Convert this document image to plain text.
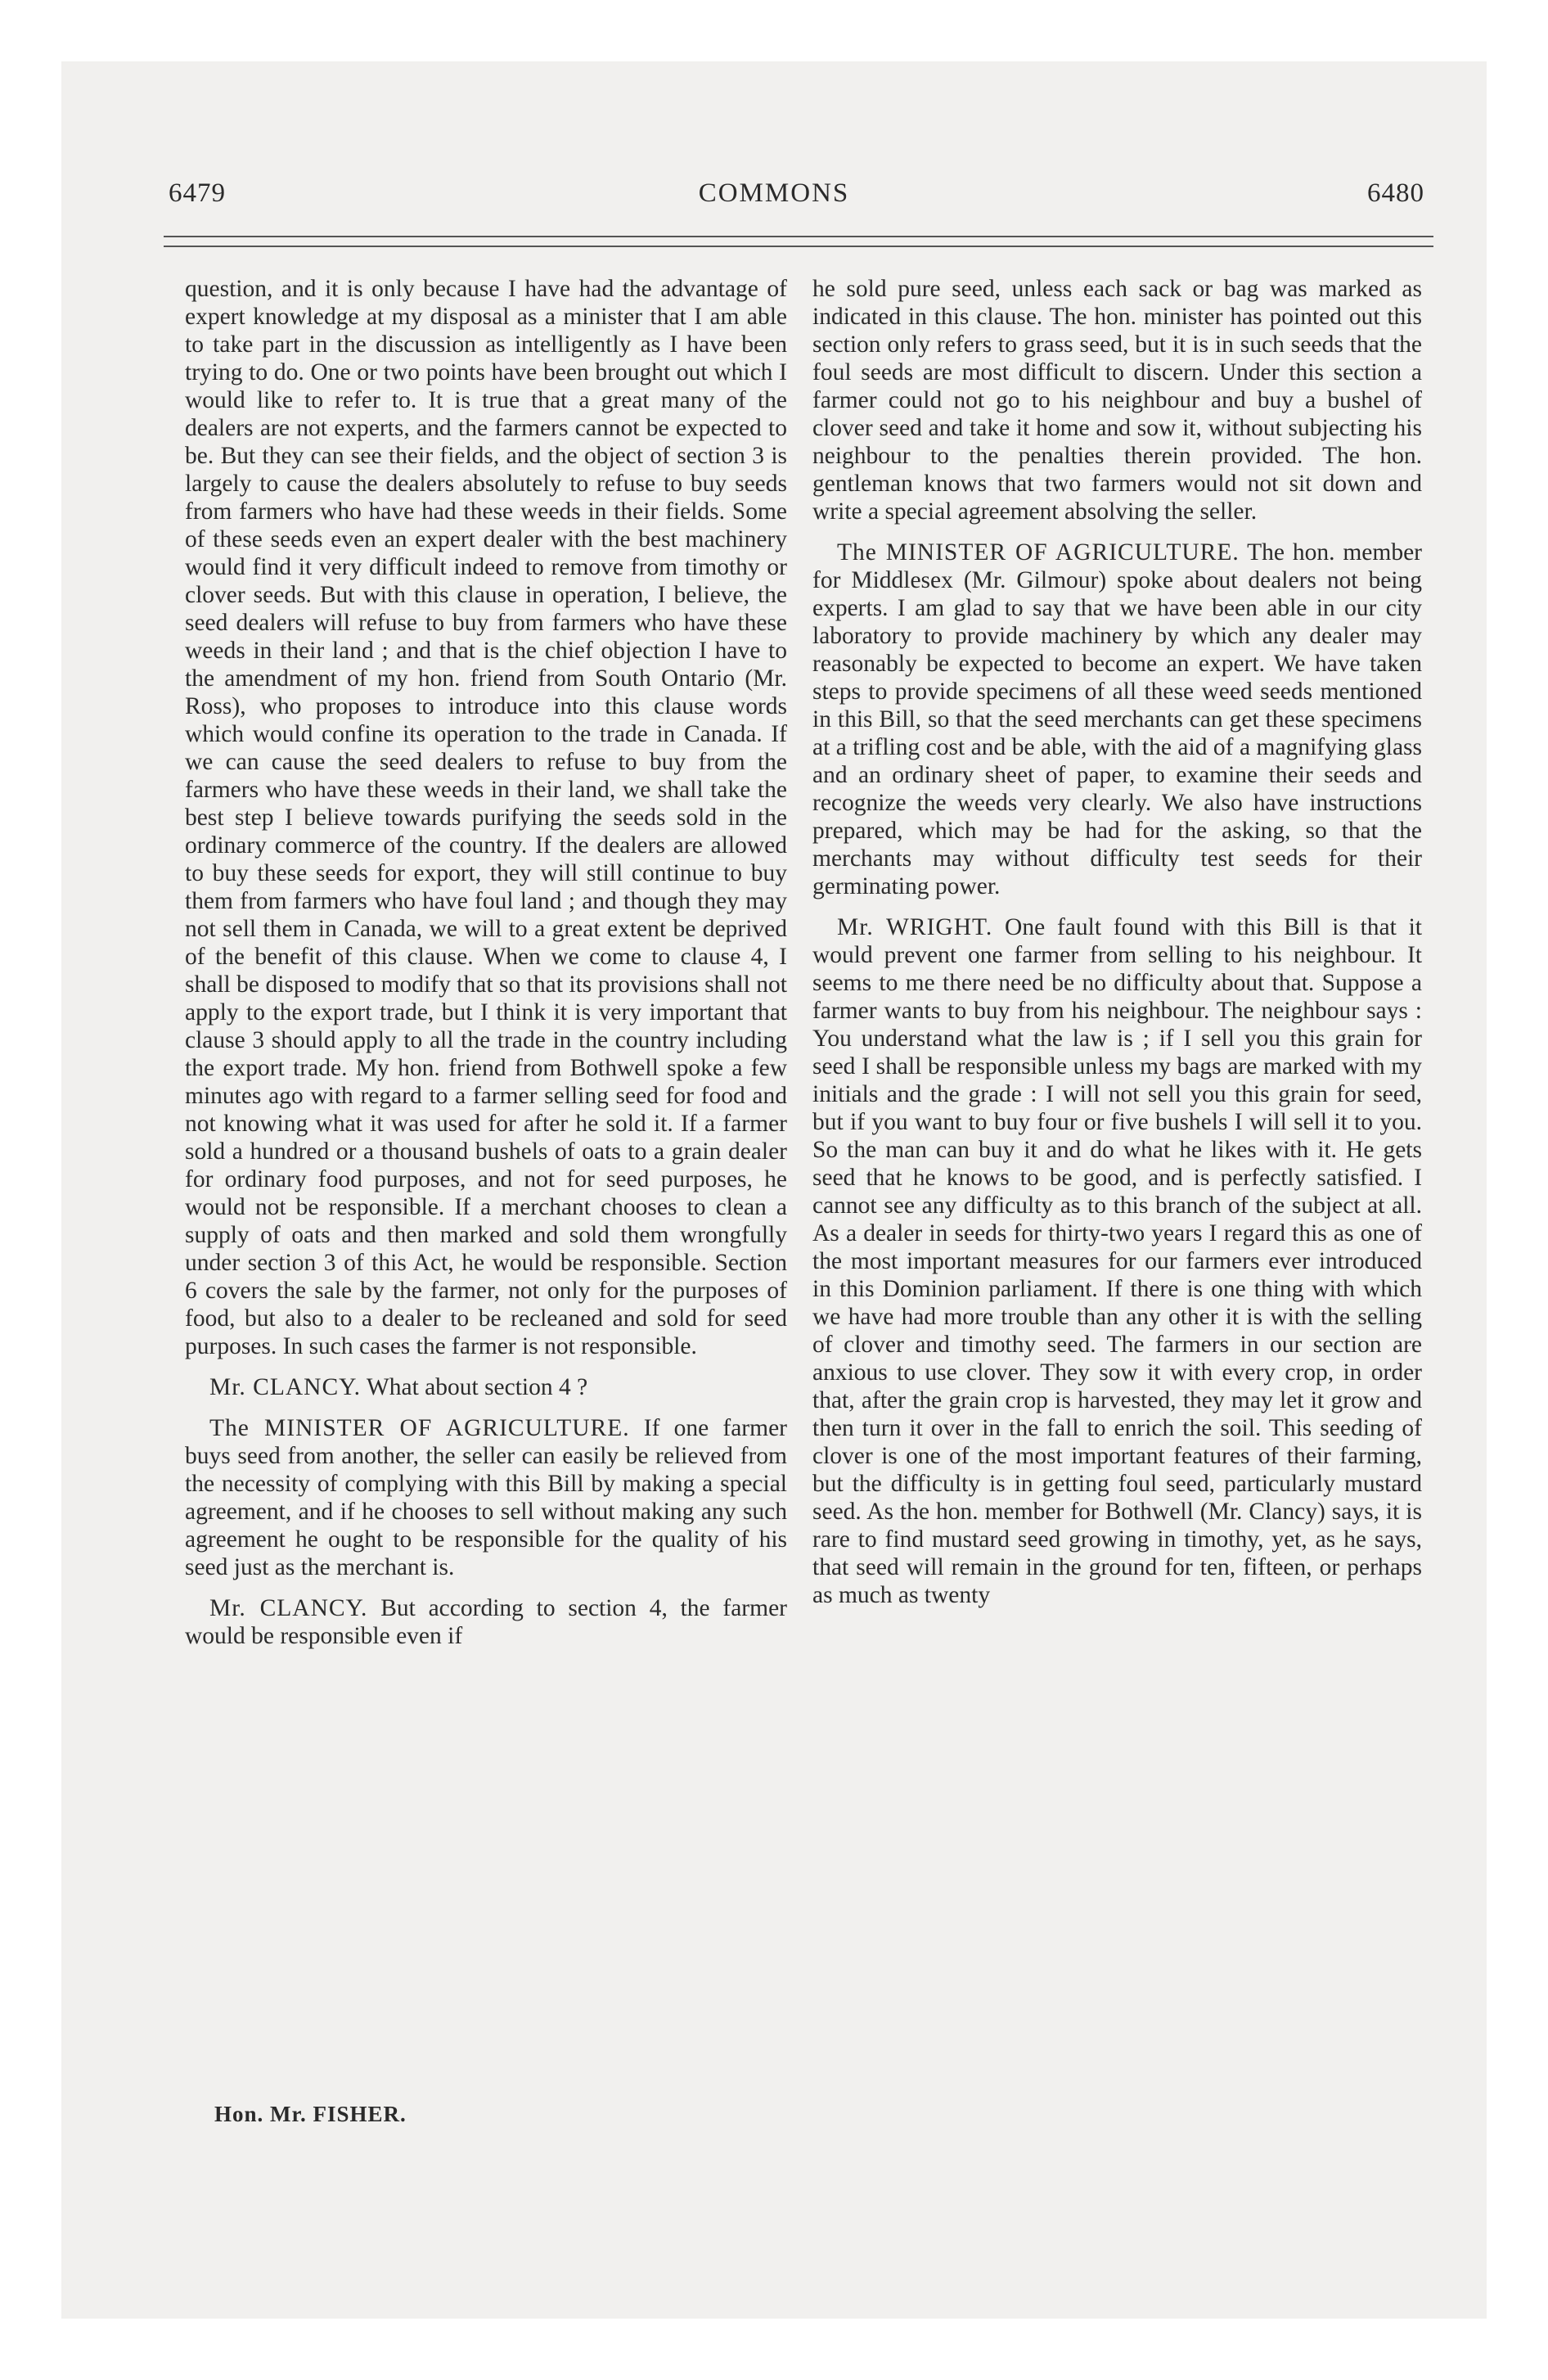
6479	COMMONS	6480

question, and it is only because I have had the advantage of expert knowledge at my disposal as a minister that I am able to take part in the discussion as intelligently as I have been trying to do. One or two points have been brought out which I would like to refer to. It is true that a great many of the dealers are not experts, and the farmers cannot be expected to be. But they can see their fields, and the object of section 3 is largely to cause the dealers absolutely to refuse to buy seeds from farmers who have had these weeds in their fields. Some of these seeds even an expert dealer with the best machinery would find it very difficult indeed to remove from timothy or clover seeds. But with this clause in operation, I believe, the seed dealers will refuse to buy from farmers who have these weeds in their land ; and that is the chief objection I have to the amendment of my hon. friend from South Ontario (Mr. Ross), who proposes to introduce into this clause words which would confine its operation to the trade in Canada. If we can cause the seed dealers to refuse to buy from the farmers who have these weeds in their land, we shall take the best step I believe towards purifying the seeds sold in the ordinary commerce of the country. If the dealers are allowed to buy these seeds for export, they will still continue to buy them from farmers who have foul land ; and though they may not sell them in Canada, we will to a great extent be deprived of the benefit of this clause. When we come to clause 4, I shall be disposed to modify that so that its provisions shall not apply to the export trade, but I think it is very important that clause 3 should apply to all the trade in the country including the export trade. My hon. friend from Bothwell spoke a few minutes ago with regard to a farmer selling seed for food and not knowing what it was used for after he sold it. If a farmer sold a hundred or a thousand bushels of oats to a grain dealer for ordinary food purposes, and not for seed purposes, he would not be responsible. If a merchant chooses to clean a supply of oats and then marked and sold them wrongfully under section 3 of this Act, he would be responsible. Section 6 covers the sale by the farmer, not only for the purposes of food, but also to a dealer to be recleaned and sold for seed purposes. In such cases the farmer is not responsible.

Mr. CLANCY. What about section 4 ?

The MINISTER OF AGRICULTURE. If one farmer buys seed from another, the seller can easily be relieved from the necessity of complying with this Bill by making a special agreement, and if he chooses to sell without making any such agreement he ought to be responsible for the quality of his seed just as the merchant is.

Mr. CLANCY. But according to section 4, the farmer would be responsible even if

he sold pure seed, unless each sack or bag was marked as indicated in this clause. The hon. minister has pointed out this section only refers to grass seed, but it is in such seeds that the foul seeds are most difficult to discern. Under this section a farmer could not go to his neighbour and buy a bushel of clover seed and take it home and sow it, without subjecting his neighbour to the penalties therein provided. The hon. gentleman knows that two farmers would not sit down and write a special agreement absolving the seller.

The MINISTER OF AGRICULTURE. The hon. member for Middlesex (Mr. Gilmour) spoke about dealers not being experts. I am glad to say that we have been able in our city laboratory to provide machinery by which any dealer may reasonably be expected to become an expert. We have taken steps to provide specimens of all these weed seeds mentioned in this Bill, so that the seed merchants can get these specimens at a trifling cost and be able, with the aid of a magnifying glass and an ordinary sheet of paper, to examine their seeds and recognize the weeds very clearly. We also have instructions prepared, which may be had for the asking, so that the merchants may without difficulty test seeds for their germinating power.

Mr. WRIGHT. One fault found with this Bill is that it would prevent one farmer from selling to his neighbour. It seems to me there need be no difficulty about that. Suppose a farmer wants to buy from his neighbour. The neighbour says : You understand what the law is ; if I sell you this grain for seed I shall be responsible unless my bags are marked with my initials and the grade : I will not sell you this grain for seed, but if you want to buy four or five bushels I will sell it to you. So the man can buy it and do what he likes with it. He gets seed that he knows to be good, and is perfectly satisfied. I cannot see any difficulty as to this branch of the subject at all. As a dealer in seeds for thirty-two years I regard this as one of the most important measures for our farmers ever introduced in this Dominion parliament. If there is one thing with which we have had more trouble than any other it is with the selling of clover and timothy seed. The farmers in our section are anxious to use clover. They sow it with every crop, in order that, after the grain crop is harvested, they may let it grow and then turn it over in the fall to enrich the soil. This seeding of clover is one of the most important features of their farming, but the difficulty is in getting foul seed, particularly mustard seed. As the hon. member for Bothwell (Mr. Clancy) says, it is rare to find mustard seed growing in timothy, yet, as he says, that seed will remain in the ground for ten, fifteen, or perhaps as much as twenty

Hon. Mr. FISHER.
